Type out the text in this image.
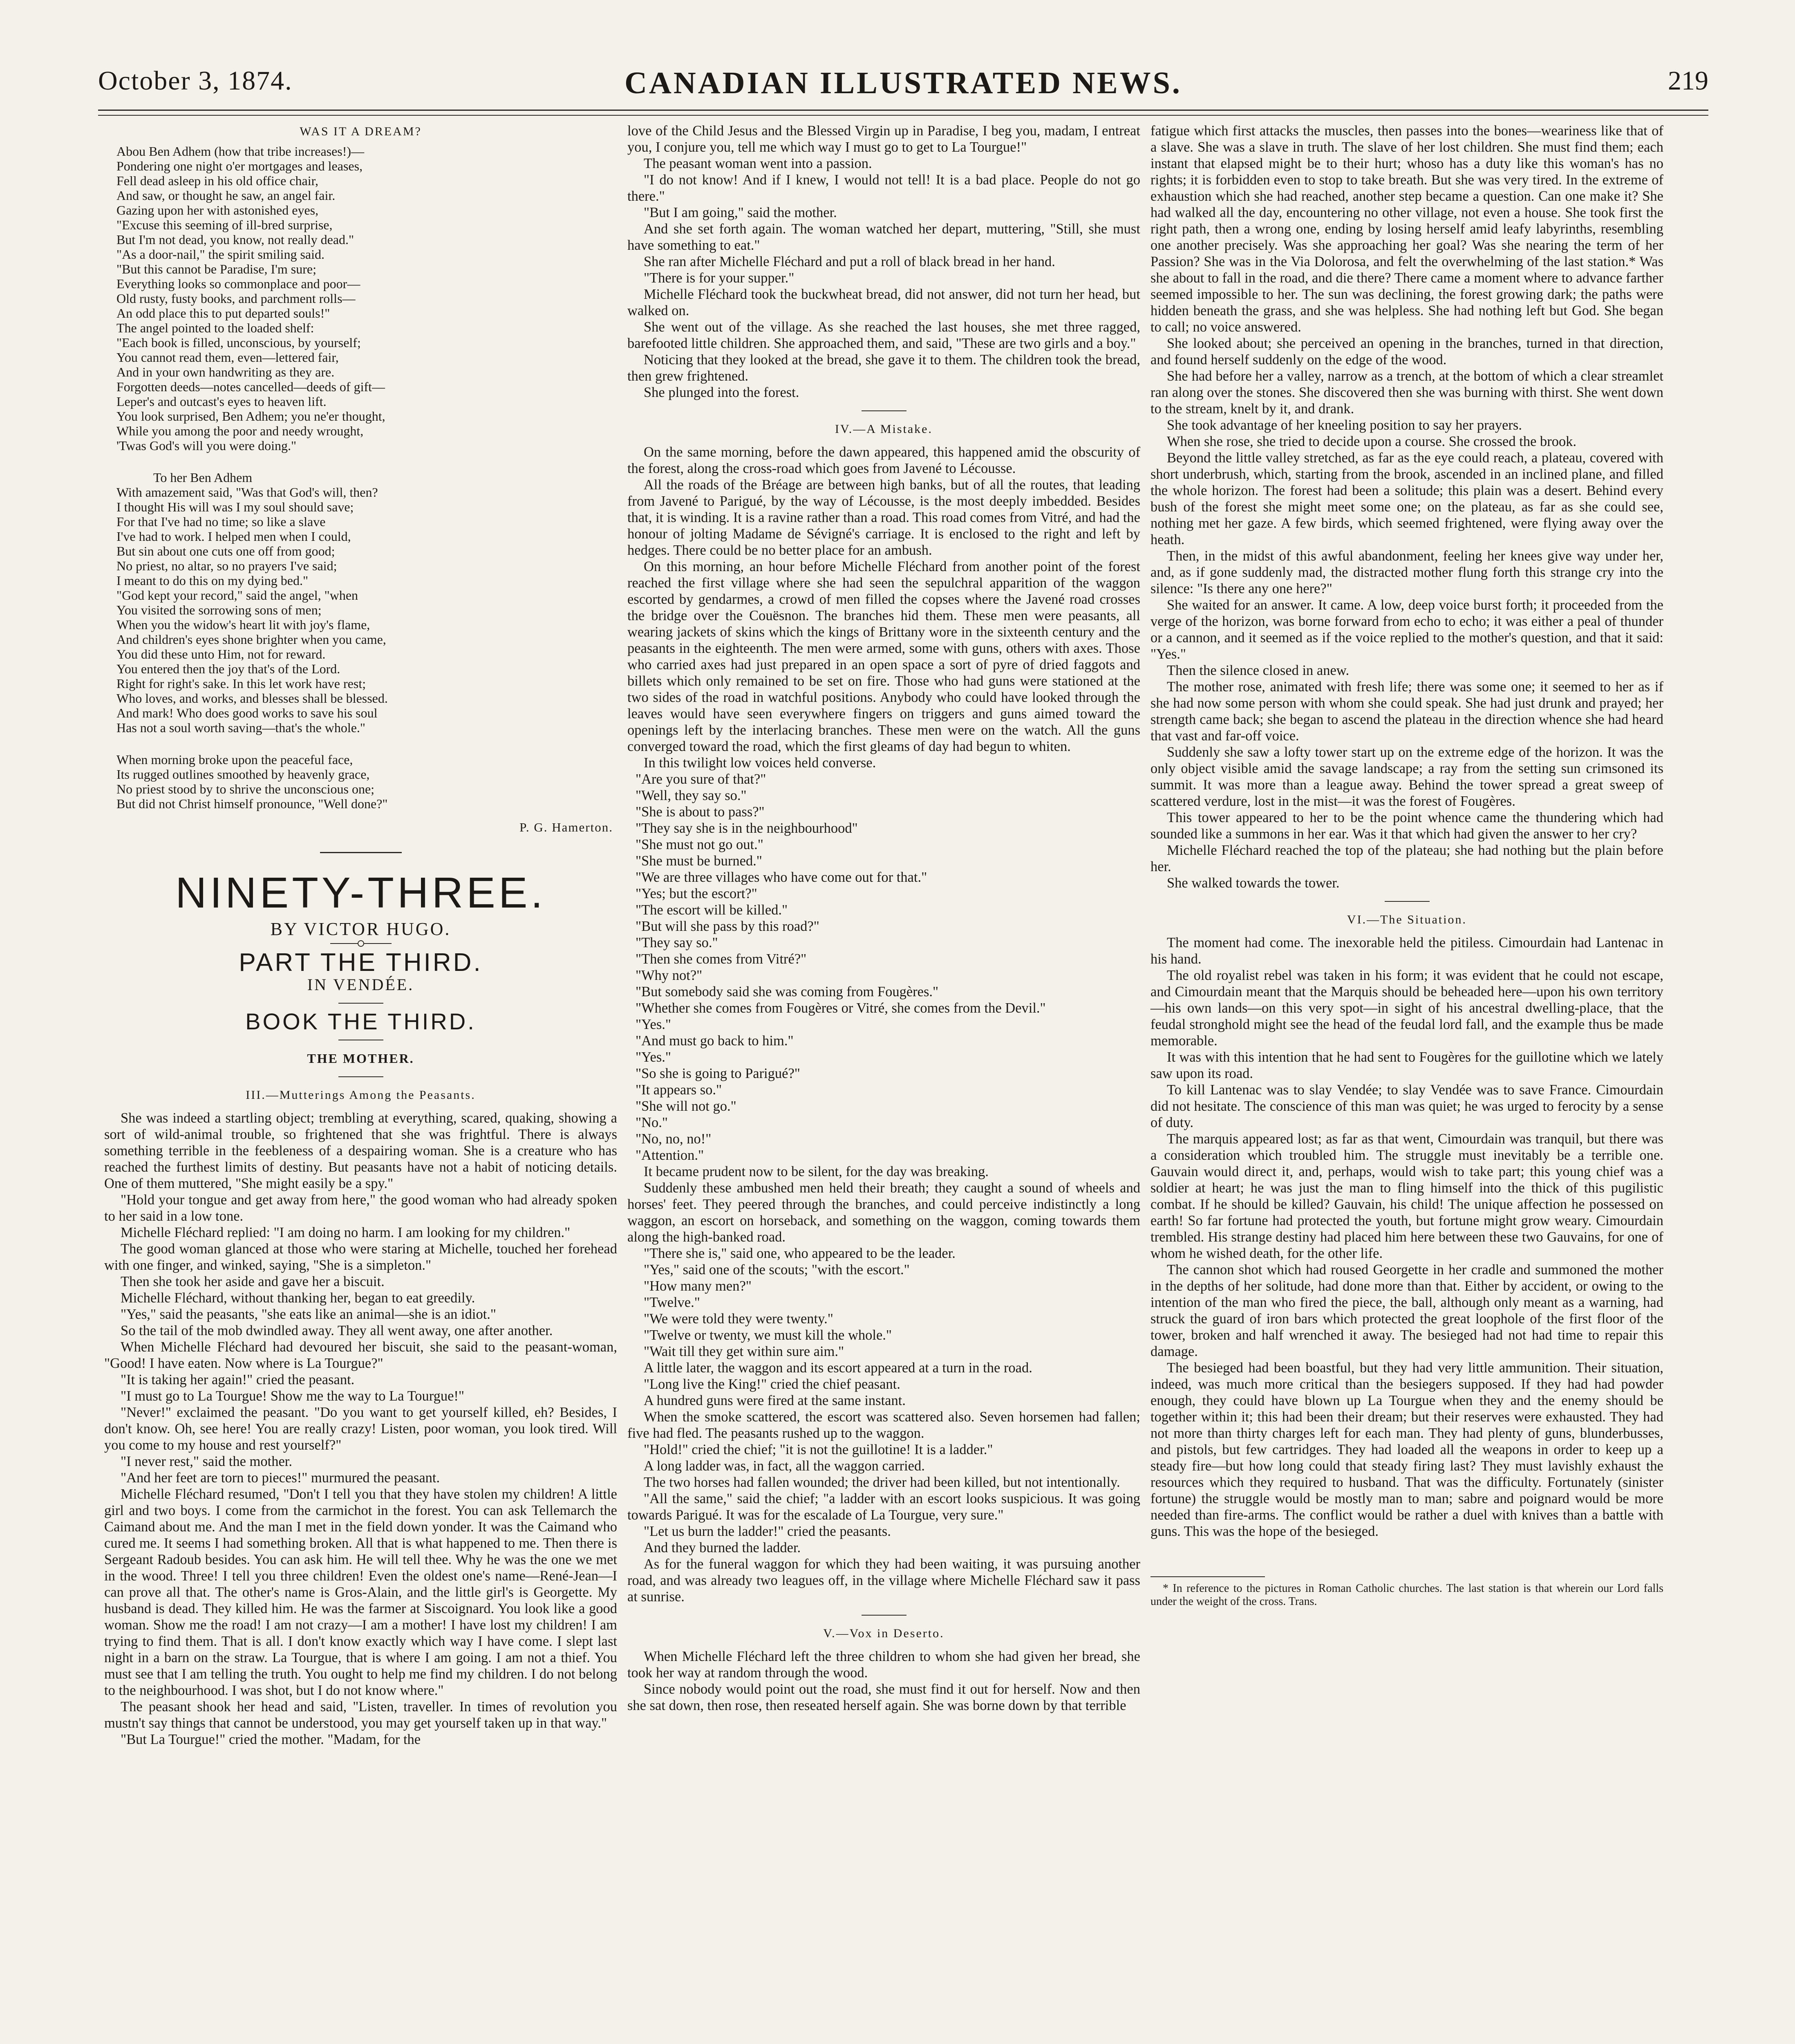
October 3, 1874.	CANADIAN ILLUSTRATED NEWS.	219
WAS IT A DREAM?
Abou Ben Adhem (how that tribe increases!)—
Pondering one night o'er mortgages and leases,
Fell dead asleep in his old office chair,
And saw, or thought he saw, an angel fair.
Gazing upon her with astonished eyes,
"Excuse this seeming of ill-bred surprise,
But I'm not dead, you know, not really dead."
"As a door-nail," the spirit smiling said.
"But this cannot be Paradise, I'm sure;
Everything looks so commonplace and poor—
Old rusty, fusty books, and parchment rolls—
An odd place this to put departed souls!"
The angel pointed to the loaded shelf:
"Each book is filled, unconscious, by yourself;
You cannot read them, even—lettered fair,
And in your own handwriting as they are.
Forgotten deeds—notes cancelled—deeds of gift—
Leper's and outcast's eyes to heaven lift.
You look surprised, Ben Adhem; you ne'er thought,
While you among the poor and needy wrought,
'Twas God's will you were doing."
To her Ben Adhem
With amazement said, "Was that God's will, then?
I thought His will was I my soul should save;
For that I've had no time; so like a slave
I've had to work. I helped men when I could,
But sin about one cuts one off from good;
No priest, no altar, so no prayers I've said;
I meant to do this on my dying bed."
"God kept your record," said the angel, "when
You visited the sorrowing sons of men;
When you the widow's heart lit with joy's flame,
And children's eyes shone brighter when you came,
You did these unto Him, not for reward.
You entered then the joy that's of the Lord.
Right for right's sake. In this let work have rest;
Who loves, and works, and blesses shall be blessed.
And mark! Who does good works to save his soul
Has not a soul worth saving—that's the whole."
When morning broke upon the peaceful face,
Its rugged outlines smoothed by heavenly grace,
No priest stood by to shrive the unconscious one;
But did not Christ himself pronounce, "Well done?"
P. G. Hamerton.
NINETY-THREE.
BY VICTOR HUGO.
PART THE THIRD.
IN VENDÉE.
BOOK THE THIRD.
THE MOTHER.
III.—Mutterings Among the Peasants.

She was indeed a startling object; trembling at everything, scared, quaking, showing a sort of wild-animal trouble, so frightened that she was frightful. There is always something terrible in the feebleness of a despairing woman. She is a creature who has reached the furthest limits of destiny. But peasants have not a habit of noticing details. One of them muttered, "She might easily be a spy."

"Hold your tongue and get away from here," the good woman who had already spoken to her said in a low tone.

Michelle Fléchard replied: "I am doing no harm. I am looking for my children."

The good woman glanced at those who were staring at Michelle, touched her forehead with one finger, and winked, saying, "She is a simpleton."

Then she took her aside and gave her a biscuit.

Michelle Fléchard, without thanking her, began to eat greedily.

"Yes," said the peasants, "she eats like an animal—she is an idiot."

So the tail of the mob dwindled away. They all went away, one after another.

When Michelle Fléchard had devoured her biscuit, she said to the peasant-woman, "Good! I have eaten. Now where is La Tourgue?"

"It is taking her again!" cried the peasant.

"I must go to La Tourgue! Show me the way to La Tourgue!"

"Never!" exclaimed the peasant. "Do you want to get yourself killed, eh? Besides, I don't know. Oh, see here! You are really crazy! Listen, poor woman, you look tired. Will you come to my house and rest yourself?"

"I never rest," said the mother.

"And her feet are torn to pieces!" murmured the peasant.

Michelle Fléchard resumed, "Don't I tell you that they have stolen my children! A little girl and two boys. I come from the carmichot in the forest. You can ask Tellemarch the Caimand about me. And the man I met in the field down yonder. It was the Caimand who cured me. It seems I had something broken. All that is what happened to me. Then there is Sergeant Radoub besides. You can ask him. He will tell thee. Why he was the one we met in the wood. Three! I tell you three children! Even the oldest one's name—René-Jean—I can prove all that. The other's name is Gros-Alain, and the little girl's is Georgette. My husband is dead. They killed him. He was the farmer at Siscoignard. You look like a good woman. Show me the road! I am not crazy—I am a mother! I have lost my children! I am trying to find them. That is all. I don't know exactly which way I have come. I slept last night in a barn on the straw. La Tourgue, that is where I am going. I am not a thief. You must see that I am telling the truth. You ought to help me find my children. I do not belong to the neighbourhood. I was shot, but I do not know where."

The peasant shook her head and said, "Listen, traveller. In times of revolution you mustn't say things that cannot be understood, you may get yourself taken up in that way."

"But La Tourgue!" cried the mother. "Madam, for the

love of the Child Jesus and the Blessed Virgin up in Paradise, I beg you, madam, I entreat you, I conjure you, tell me which way I must go to get to La Tourgue!"

The peasant woman went into a passion.

"I do not know! And if I knew, I would not tell! It is a bad place. People do not go there."

"But I am going," said the mother.

And she set forth again. The woman watched her depart, muttering, "Still, she must have something to eat."

She ran after Michelle Fléchard and put a roll of black bread in her hand.

"There is for your supper."

Michelle Fléchard took the buckwheat bread, did not answer, did not turn her head, but walked on.

She went out of the village. As she reached the last houses, she met three ragged, barefooted little children. She approached them, and said, "These are two girls and a boy."

Noticing that they looked at the bread, she gave it to them. The children took the bread, then grew frightened.

She plunged into the forest.

IV.—A Mistake.

On the same morning, before the dawn appeared, this happened amid the obscurity of the forest, along the cross-road which goes from Javené to Lécousse.

All the roads of the Bréage are between high banks, but of all the routes, that leading from Javené to Parigué, by the way of Lécousse, is the most deeply imbedded. Besides that, it is winding. It is a ravine rather than a road. This road comes from Vitré, and had the honour of jolting Madame de Sévigné's carriage. It is enclosed to the right and left by hedges. There could be no better place for an ambush.

On this morning, an hour before Michelle Fléchard from another point of the forest reached the first village where she had seen the sepulchral apparition of the waggon escorted by gendarmes, a crowd of men filled the copses where the Javené road crosses the bridge over the Couësnon. The branches hid them. These men were peasants, all wearing jackets of skins which the kings of Brittany wore in the sixteenth century and the peasants in the eighteenth. The men were armed, some with guns, others with axes. Those who carried axes had just prepared in an open space a sort of pyre of dried faggots and billets which only remained to be set on fire. Those who had guns were stationed at the two sides of the road in watchful positions. Anybody who could have looked through the leaves would have seen everywhere fingers on triggers and guns aimed toward the openings left by the interlacing branches. These men were on the watch. All the guns converged toward the road, which the first gleams of day had begun to whiten.

In this twilight low voices held converse.

"Are you sure of that?"

"Well, they say so."

"She is about to pass?"

"They say she is in the neighbourhood"

"She must not go out."

"She must be burned."

"We are three villages who have come out for that."

"Yes; but the escort?"

"The escort will be killed."

"But will she pass by this road?"

"They say so."

"Then she comes from Vitré?"

"Why not?"

"But somebody said she was coming from Fougères."

"Whether she comes from Fougères or Vitré, she comes from the Devil."

"Yes."

"And must go back to him."

"Yes."

"So she is going to Parigué?"

"It appears so."

"She will not go."

"No."

"No, no, no!"

"Attention."

It became prudent now to be silent, for the day was breaking.

Suddenly these ambushed men held their breath; they caught a sound of wheels and horses' feet. They peered through the branches, and could perceive indistinctly a long waggon, an escort on horseback, and something on the waggon, coming towards them along the high-banked road.

"There she is," said one, who appeared to be the leader.

"Yes," said one of the scouts; "with the escort."

"How many men?"

"Twelve."

"We were told they were twenty."

"Twelve or twenty, we must kill the whole."

"Wait till they get within sure aim."

A little later, the waggon and its escort appeared at a turn in the road.

"Long live the King!" cried the chief peasant.

A hundred guns were fired at the same instant.

When the smoke scattered, the escort was scattered also. Seven horsemen had fallen; five had fled. The peasants rushed up to the waggon.

"Hold!" cried the chief; "it is not the guillotine! It is a ladder."

A long ladder was, in fact, all the waggon carried.

The two horses had fallen wounded; the driver had been killed, but not intentionally.

"All the same," said the chief; "a ladder with an escort looks suspicious. It was going towards Parigué. It was for the escalade of La Tourgue, very sure."

"Let us burn the ladder!" cried the peasants.

And they burned the ladder.

As for the funeral waggon for which they had been waiting, it was pursuing another road, and was already two leagues off, in the village where Michelle Fléchard saw it pass at sunrise.

V.—Vox in Deserto.

When Michelle Fléchard left the three children to whom she had given her bread, she took her way at random through the wood.

Since nobody would point out the road, she must find it out for herself. Now and then she sat down, then rose, then reseated herself again. She was borne down by that terrible

fatigue which first attacks the muscles, then passes into the bones—weariness like that of a slave. She was a slave in truth. The slave of her lost children. She must find them; each instant that elapsed might be to their hurt; whoso has a duty like this woman's has no rights; it is forbidden even to stop to take breath. But she was very tired. In the extreme of exhaustion which she had reached, another step became a question. Can one make it? She had walked all the day, encountering no other village, not even a house. She took first the right path, then a wrong one, ending by losing herself amid leafy labyrinths, resembling one another precisely. Was she approaching her goal? Was she nearing the term of her Passion? She was in the Via Dolorosa, and felt the overwhelming of the last station.* Was she about to fall in the road, and die there? There came a moment where to advance farther seemed impossible to her. The sun was declining, the forest growing dark; the paths were hidden beneath the grass, and she was helpless. She had nothing left but God. She began to call; no voice answered.

She looked about; she perceived an opening in the branches, turned in that direction, and found herself suddenly on the edge of the wood.

She had before her a valley, narrow as a trench, at the bottom of which a clear streamlet ran along over the stones. She discovered then she was burning with thirst. She went down to the stream, knelt by it, and drank.

She took advantage of her kneeling position to say her prayers.

When she rose, she tried to decide upon a course. She crossed the brook.

Beyond the little valley stretched, as far as the eye could reach, a plateau, covered with short underbrush, which, starting from the brook, ascended in an inclined plane, and filled the whole horizon. The forest had been a solitude; this plain was a desert. Behind every bush of the forest she might meet some one; on the plateau, as far as she could see, nothing met her gaze. A few birds, which seemed frightened, were flying away over the heath.

Then, in the midst of this awful abandonment, feeling her knees give way under her, and, as if gone suddenly mad, the distracted mother flung forth this strange cry into the silence: "Is there any one here?"

She waited for an answer. It came. A low, deep voice burst forth; it proceeded from the verge of the horizon, was borne forward from echo to echo; it was either a peal of thunder or a cannon, and it seemed as if the voice replied to the mother's question, and that it said: "Yes."

Then the silence closed in anew.

The mother rose, animated with fresh life; there was some one; it seemed to her as if she had now some person with whom she could speak. She had just drunk and prayed; her strength came back; she began to ascend the plateau in the direction whence she had heard that vast and far-off voice.

Suddenly she saw a lofty tower start up on the extreme edge of the horizon. It was the only object visible amid the savage landscape; a ray from the setting sun crimsoned its summit. It was more than a league away. Behind the tower spread a great sweep of scattered verdure, lost in the mist—it was the forest of Fougères.

This tower appeared to her to be the point whence came the thundering which had sounded like a summons in her ear. Was it that which had given the answer to her cry?

Michelle Fléchard reached the top of the plateau; she had nothing but the plain before her.

She walked towards the tower.

VI.—The Situation.

The moment had come. The inexorable held the pitiless. Cimourdain had Lantenac in his hand.

The old royalist rebel was taken in his form; it was evident that he could not escape, and Cimourdain meant that the Marquis should be beheaded here—upon his own territory—his own lands—on this very spot—in sight of his ancestral dwelling-place, that the feudal stronghold might see the head of the feudal lord fall, and the example thus be made memorable.

It was with this intention that he had sent to Fougères for the guillotine which we lately saw upon its road.

To kill Lantenac was to slay Vendée; to slay Vendée was to save France. Cimourdain did not hesitate. The conscience of this man was quiet; he was urged to ferocity by a sense of duty.

The marquis appeared lost; as far as that went, Cimourdain was tranquil, but there was a consideration which troubled him. The struggle must inevitably be a terrible one. Gauvain would direct it, and, perhaps, would wish to take part; this young chief was a soldier at heart; he was just the man to fling himself into the thick of this pugilistic combat. If he should be killed? Gauvain, his child! The unique affection he possessed on earth! So far fortune had protected the youth, but fortune might grow weary. Cimourdain trembled. His strange destiny had placed him here between these two Gauvains, for one of whom he wished death, for the other life.

The cannon shot which had roused Georgette in her cradle and summoned the mother in the depths of her solitude, had done more than that. Either by accident, or owing to the intention of the man who fired the piece, the ball, although only meant as a warning, had struck the guard of iron bars which protected the great loophole of the first floor of the tower, broken and half wrenched it away. The besieged had not had time to repair this damage.

The besieged had been boastful, but they had very little ammunition. Their situation, indeed, was much more critical than the besiegers supposed. If they had had powder enough, they could have blown up La Tourgue when they and the enemy should be together within it; this had been their dream; but their reserves were exhausted. They had not more than thirty charges left for each man. They had plenty of guns, blunderbusses, and pistols, but few cartridges. They had loaded all the weapons in order to keep up a steady fire—but how long could that steady firing last? They must lavishly exhaust the resources which they required to husband. That was the difficulty. Fortunately (sinister fortune) the struggle would be mostly man to man; sabre and poignard would be more needed than fire-arms. The conflict would be rather a duel with knives than a battle with guns. This was the hope of the besieged.

* In reference to the pictures in Roman Catholic churches. The last station is that wherein our Lord falls under the weight of the cross. Trans.
